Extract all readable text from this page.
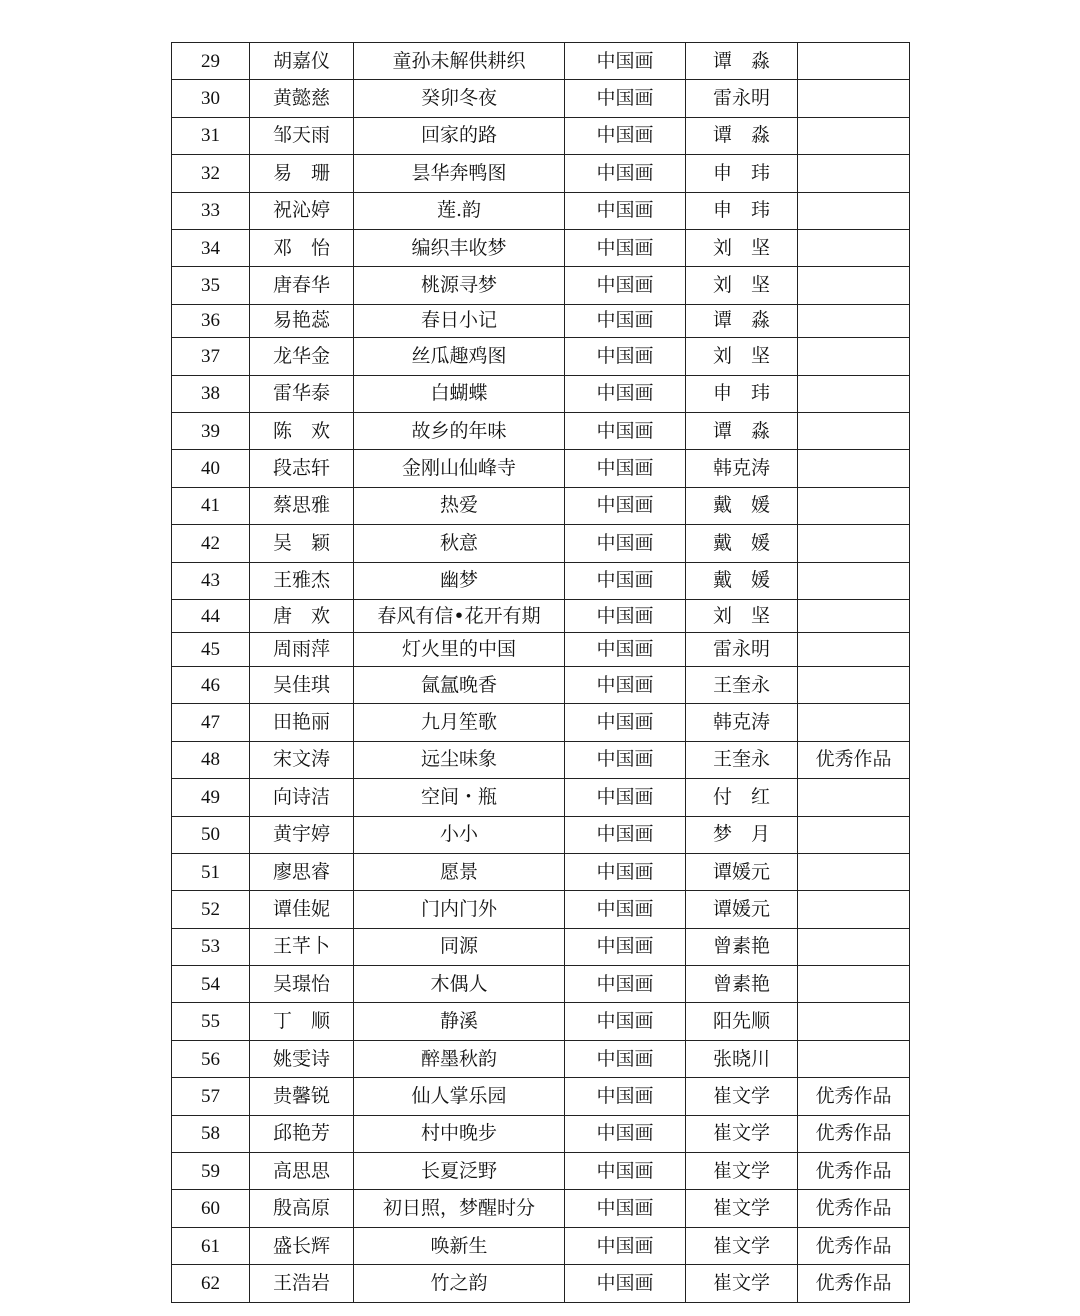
29	胡嘉仪	童孙未解供耕织	中国画	谭　淼	
30	黄懿慈	癸卯冬夜	中国画	雷永明	
31	邹天雨	回家的路	中国画	谭　淼	
32	易　珊	昙华奔鸭图	中国画	申　玮	
33	祝沁婷	莲.韵	中国画	申　玮	
34	邓　怡	编织丰收梦	中国画	刘　坚	
35	唐春华	桃源寻梦	中国画	刘　坚	
36	易艳蕊	春日小记	中国画	谭　淼	
37	龙华金	丝瓜趣鸡图	中国画	刘　坚	
38	雷华泰	白蝴蝶	中国画	申　玮	
39	陈　欢	故乡的年味	中国画	谭　淼	
40	段志轩	金刚山仙峰寺	中国画	韩克涛	
41	蔡思雅	热爱	中国画	戴　媛	
42	吴　颖	秋意	中国画	戴　媛	
43	王雅杰	幽梦	中国画	戴　媛	
44	唐　欢	春风有信•花开有期	中国画	刘　坚	
45	周雨萍	灯火里的中国	中国画	雷永明	
46	吴佳琪	氤氲晚香	中国画	王奎永	
47	田艳丽	九月笙歌	中国画	韩克涛	
48	宋文涛	远尘味象	中国画	王奎永	优秀作品
49	向诗洁	空间・瓶	中国画	付　红	
50	黄宇婷	小小	中国画	梦　月	
51	廖思睿	愿景	中国画	谭媛元	
52	谭佳妮	门内门外	中国画	谭媛元	
53	王芊卜	同源	中国画	曾素艳	
54	吴璟怡	木偶人	中国画	曾素艳	
55	丁　顺	静溪	中国画	阳先顺	
56	姚雯诗	醉墨秋韵	中国画	张晓川	
57	贵馨锐	仙人掌乐园	中国画	崔文学	优秀作品
58	邱艳芳	村中晚步	中国画	崔文学	优秀作品
59	高思思	长夏泛野	中国画	崔文学	优秀作品
60	殷高原	初日照，梦醒时分	中国画	崔文学	优秀作品
61	盛长辉	唤新生	中国画	崔文学	优秀作品
62	王浩岩	竹之韵	中国画	崔文学	优秀作品
